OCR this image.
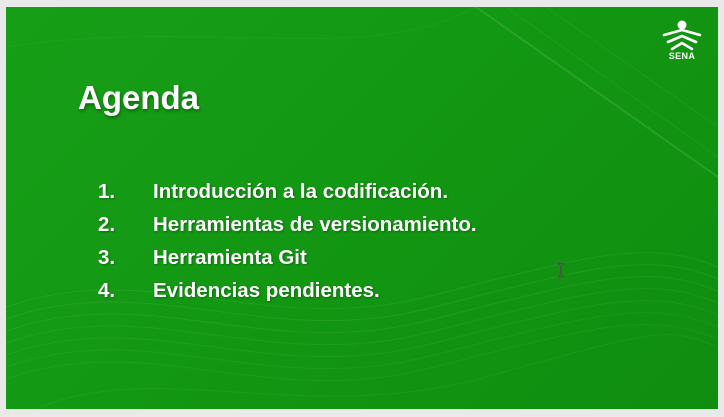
SENA
Agenda
1. Introducción a la codificación.
2. Herramientas de versionamiento.
3. Herramienta Git
4. Evidencias pendientes.
